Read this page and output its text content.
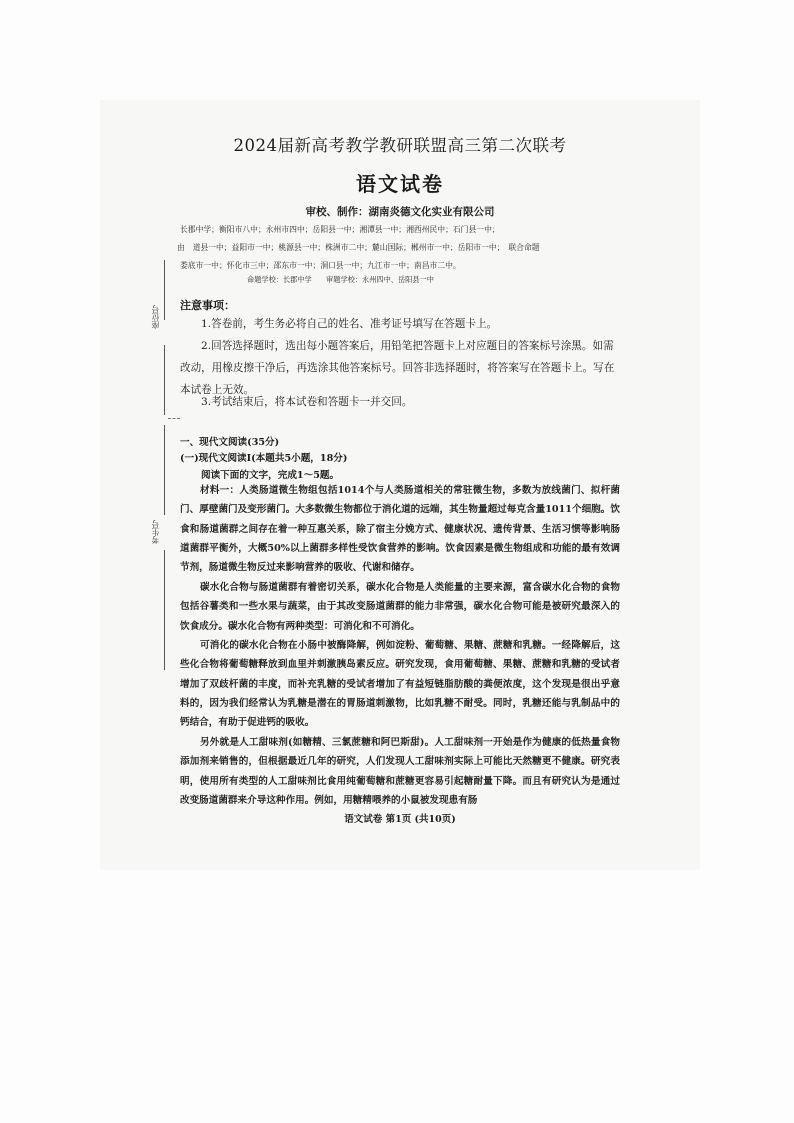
座位号
考生号
2024届新高考教学教研联盟高三第二次联考
语文试卷
审校、制作：湖南炎德文化实业有限公司
长郡中学；衡阳市八中；永州市四中；岳阳县一中；湘潭县一中；湘西州民中；石门县一中；
由　道县一中；益阳市一中；桃源县一中；株洲市二中；麓山国际；郴州市一中；岳阳市一中；　联合命题
娄底市一中；怀化市三中；邵东市一中；洞口县一中；九江市一中；南昌市二中。
命题学校：长郡中学　　审题学校：永州四中、岳阳县一中
注意事项：
1.答卷前，考生务必将自己的姓名、准考证号填写在答题卡上。
2.回答选择题时，选出每小题答案后，用铅笔把答题卡上对应题目的答案标号涂黑。如需改动，用橡皮擦干净后，再选涂其他答案标号。回答非选择题时，将答案写在答题卡上。写在本试卷上无效。
3.考试结束后，将本试卷和答题卡一并交回。
一、现代文阅读(35分)
(一)现代文阅读Ⅰ(本题共5小题，18分)
阅读下面的文字，完成1～5题。
材料一：人类肠道微生物组包括1014个与人类肠道相关的常驻微生物，多数为放线菌门、拟杆菌门、厚壁菌门及变形菌门。大多数微生物都位于消化道的远端，其生物量超过每克含量1011个细胞。饮食和肠道菌群之间存在着一种互惠关系，除了宿主分娩方式、健康状况、遗传背景、生活习惯等影响肠道菌群平衡外，大概50%以上菌群多样性受饮食营养的影响。饮食因素是微生物组成和功能的最有效调节剂，肠道微生物反过来影响营养的吸收、代谢和储存。
碳水化合物与肠道菌群有着密切关系，碳水化合物是人类能量的主要来源，富含碳水化合物的食物包括谷薯类和一些水果与蔬菜，由于其改变肠道菌群的能力非常强，碳水化合物可能是被研究最深入的饮食成分。碳水化合物有两种类型：可消化和不可消化。
可消化的碳水化合物在小肠中被酶降解，例如淀粉、葡萄糖、果糖、蔗糖和乳糖。一经降解后，这些化合物将葡萄糖释放到血里并刺激胰岛素反应。研究发现，食用葡萄糖、果糖、蔗糖和乳糖的受试者增加了双歧杆菌的丰度，而补充乳糖的受试者增加了有益短链脂肪酸的粪便浓度，这个发现是很出乎意料的，因为我们经常认为乳糖是潜在的胃肠道刺激物，比如乳糖不耐受。同时，乳糖还能与乳制品中的钙结合，有助于促进钙的吸收。
另外就是人工甜味剂(如糖精、三氯蔗糖和阿巴斯甜)。人工甜味剂一开始是作为健康的低热量食物添加剂来销售的，但根据最近几年的研究，人们发现人工甜味剂实际上可能比天然糖更不健康。研究表明，使用所有类型的人工甜味剂比食用纯葡萄糖和蔗糖更容易引起糖耐量下降。而且有研究认为是通过改变肠道菌群来介导这种作用。例如，用糖精喂养的小鼠被发现患有肠
语文试卷 第1页 (共10页)
